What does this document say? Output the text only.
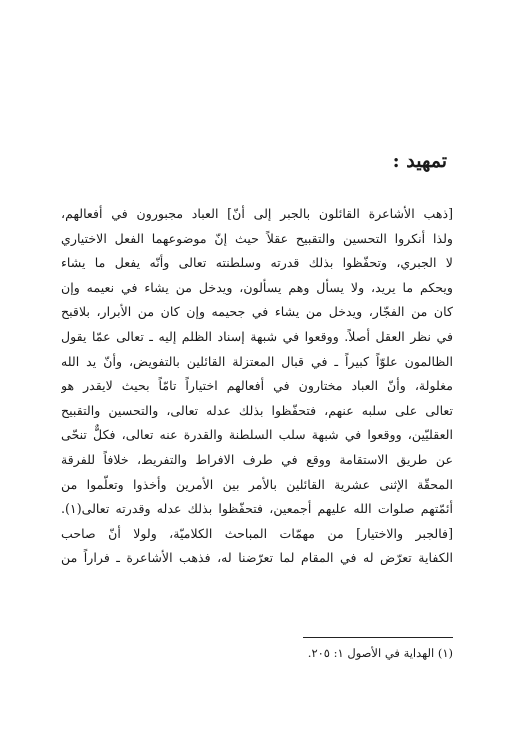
تمهيد :
[ذهب الأشاعرة القائلون بالجبر إلى أنّ] العباد مجبورون في أفعالهم،
ولذا أنكروا التحسين والتقبيح عقلاً حيث إنّ موضوعهما الفعل الاختياري
لا الجبري، وتحفّظوا بذلك قدرته وسلطنته تعالى وأنّه يفعل ما يشاء
ويحكم ما يريد، ولا يسأل وهم يسألون، ويدخل من يشاء في نعيمه وإن
كان من الفجّار، ويدخل من يشاء في جحيمه وإن كان من الأبرار، بلاقبح
في نظر العقل أصلاً. ووقعوا في شبهة إسناد الظلم إليه ـ تعالى عمّا يقول
الظالمون علوّاً كبيراً ـ في قبال المعتزلة القائلين بالتفويض، وأنّ يد الله
مغلولة، وأنّ العباد مختارون في أفعالهم اختياراً تامّاً بحيث لايقدر هو
تعالى على سلبه عنهم، فتحفّظوا بذلك عدله تعالى، والتحسين والتقبيح
العقليّين، ووقعوا في شبهة سلب السلطنة والقدرة عنه تعالى، فكلٌّ تنحّى
عن طريق الاستقامة ووقع في طرف الافراط والتفريط، خلافاً للفرقة
المحقّة الإثنى عشرية القائلين بالأمر بين الأمرين وأخذوا وتعلّموا من
أئمّتهم صلوات الله عليهم أجمعين، فتحفّظوا بذلك عدله وقدرته تعالى(١).
[فالجبر والاختيار] من مهمّات المباحث الكلاميّة، ولولا أنّ صاحب
الكفاية تعرّض له في المقام لما تعرّضنا له، فذهب الأشاعرة ـ فراراً من
(١) الهداية في الأصول ١: ٢٠٥.
